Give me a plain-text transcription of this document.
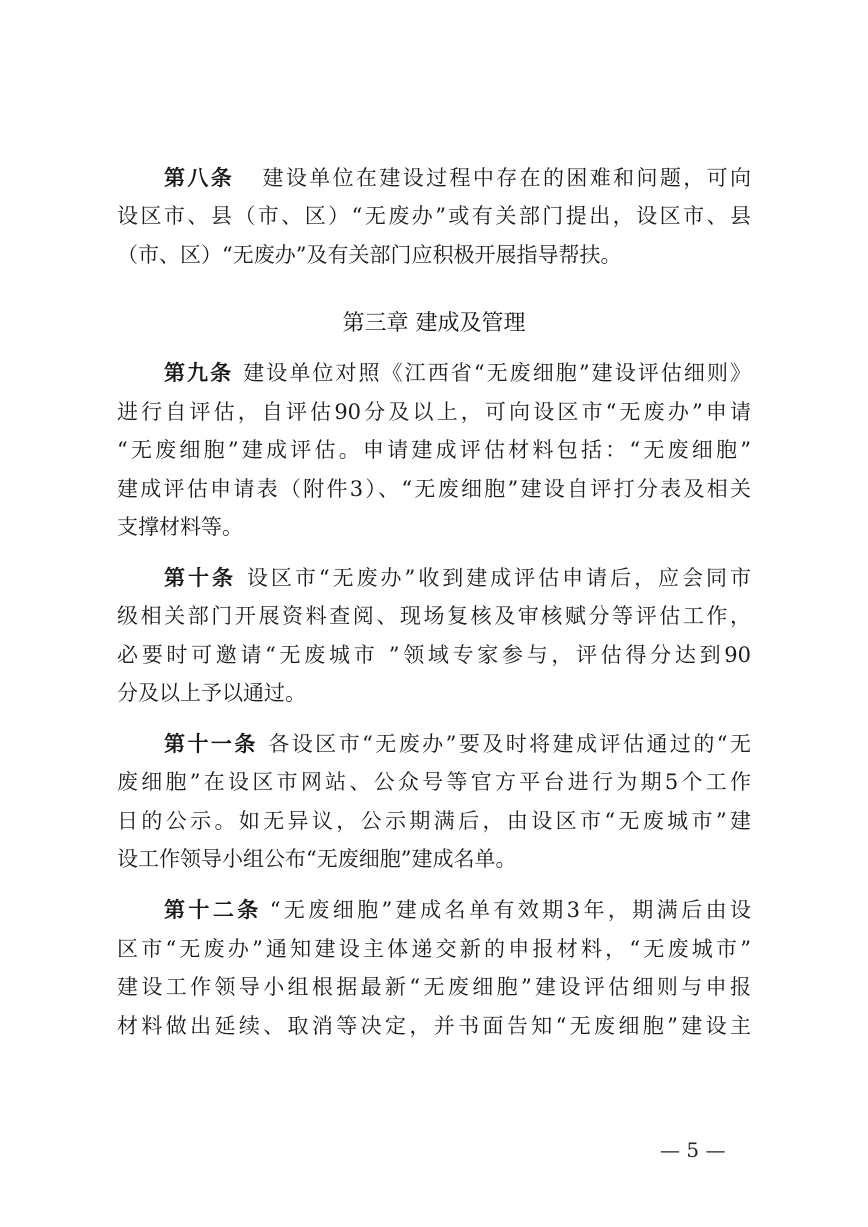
第八条 建设单位在建设过程中存在的困难和问题，可向
设区市、县（市、区）“无废办”或有关部门提出，设区市、县
（市、区）“无废办”及有关部门应积极开展指导帮扶。
第三章 建成及管理
第九条 建设单位对照《江西省“无废细胞”建设评估细则》
进行自评估，自评估90分及以上，可向设区市“无废办”申请
“无废细胞”建成评估。申请建成评估材料包括：“无废细胞”
建成评估申请表（附件3）、“无废细胞”建设自评打分表及相关
支撑材料等。
第十条 设区市“无废办”收到建成评估申请后，应会同市
级相关部门开展资料查阅、现场复核及审核赋分等评估工作，
必要时可邀请“无废城市 ”领域专家参与，评估得分达到90
分及以上予以通过。
第十一条 各设区市“无废办”要及时将建成评估通过的“无
废细胞”在设区市网站、公众号等官方平台进行为期5个工作
日的公示。如无异议，公示期满后，由设区市“无废城市”建
设工作领导小组公布“无废细胞”建成名单。
第十二条 “无废细胞”建成名单有效期3年，期满后由设
区市“无废办”通知建设主体递交新的申报材料，“无废城市”
建设工作领导小组根据最新“无废细胞”建设评估细则与申报
材料做出延续、取消等决定，并书面告知“无废细胞”建设主
— 5 —
